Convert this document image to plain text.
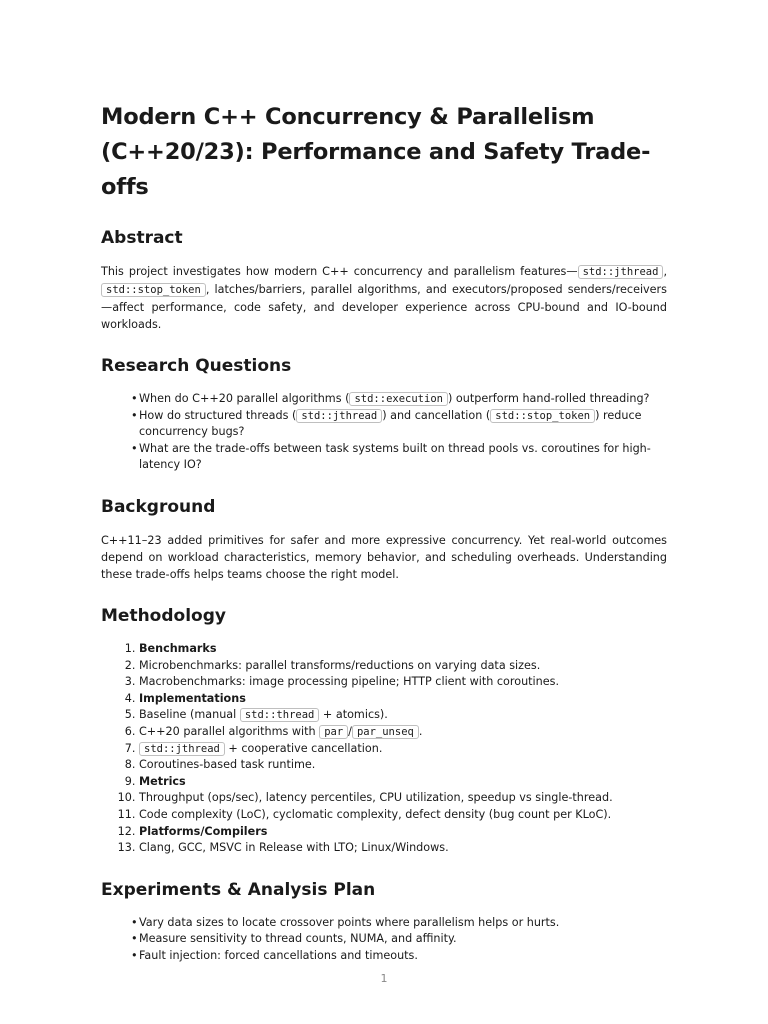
Modern C++ Concurrency & Parallelism (C++20/23): Performance and Safety Trade-offs
Abstract

This project investigates how modern C++ concurrency and parallelism features— std::jthread , std::stop_token , latches/barriers, parallel algorithms, and executors/proposed senders/receivers—affect performance, code safety, and developer experience across CPU-bound and IO-bound workloads.

Research Questions
• When do C++20 parallel algorithms ( std::execution ) outperform hand-rolled threading?
• How do structured threads ( std::jthread ) and cancellation ( std::stop_token ) reduce concurrency bugs?
• What are the trade-offs between task systems built on thread pools vs. coroutines for high-latency IO?
Background

C++11–23 added primitives for safer and more expressive concurrency. Yet real-world outcomes depend on workload characteristics, memory behavior, and scheduling overheads. Understanding these trade-offs helps teams choose the right model.

Methodology
1. Benchmarks
2. Microbenchmarks: parallel transforms/reductions on varying data sizes.
3. Macrobenchmarks: image processing pipeline; HTTP client with coroutines.
4. Implementations
5. Baseline (manual std::thread + atomics).
6. C++20 parallel algorithms with par / par_unseq .
7. std::jthread + cooperative cancellation.
8. Coroutines-based task runtime.
9. Metrics
10. Throughput (ops/sec), latency percentiles, CPU utilization, speedup vs single-thread.
11. Code complexity (LoC), cyclomatic complexity, defect density (bug count per KLoC).
12. Platforms/Compilers
13. Clang, GCC, MSVC in Release with LTO; Linux/Windows.
Experiments & Analysis Plan
• Vary data sizes to locate crossover points where parallelism helps or hurts.
• Measure sensitivity to thread counts, NUMA, and affinity.
• Fault injection: forced cancellations and timeouts.
1
